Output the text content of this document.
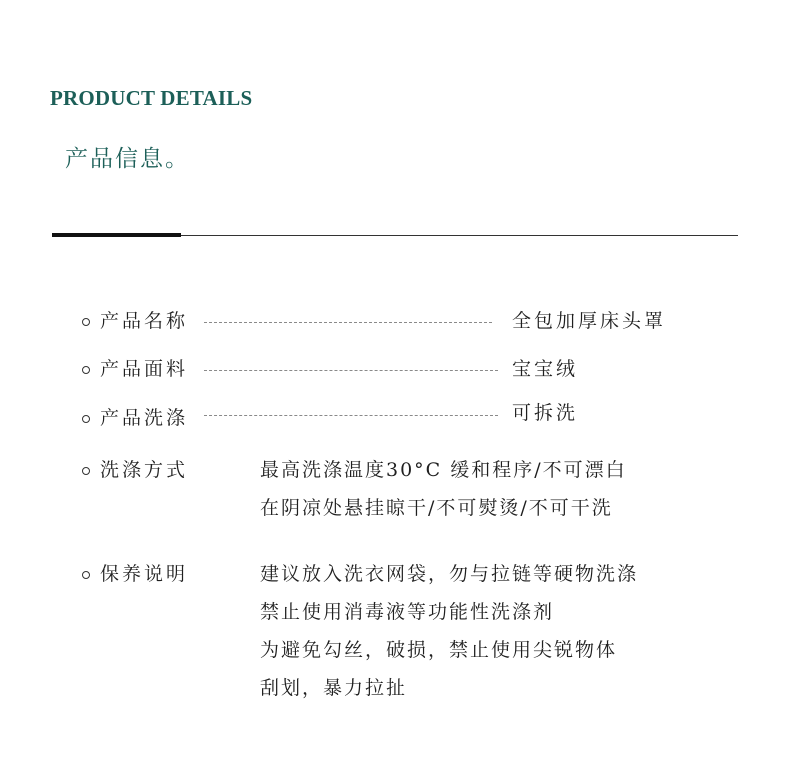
PRODUCT DETAILS
产品信息。
产品名称	全包加厚床头罩
产品面料	宝宝绒
产品洗涤	可拆洗
洗涤方式	最高洗涤温度30°C 缓和程序/不可漂白
在阴凉处悬挂晾干/不可熨烫/不可干洗
保养说明	建议放入洗衣网袋，勿与拉链等硬物洗涤
禁止使用消毒液等功能性洗涤剂
为避免勾丝，破损，禁止使用尖锐物体
刮划，暴力拉扯
